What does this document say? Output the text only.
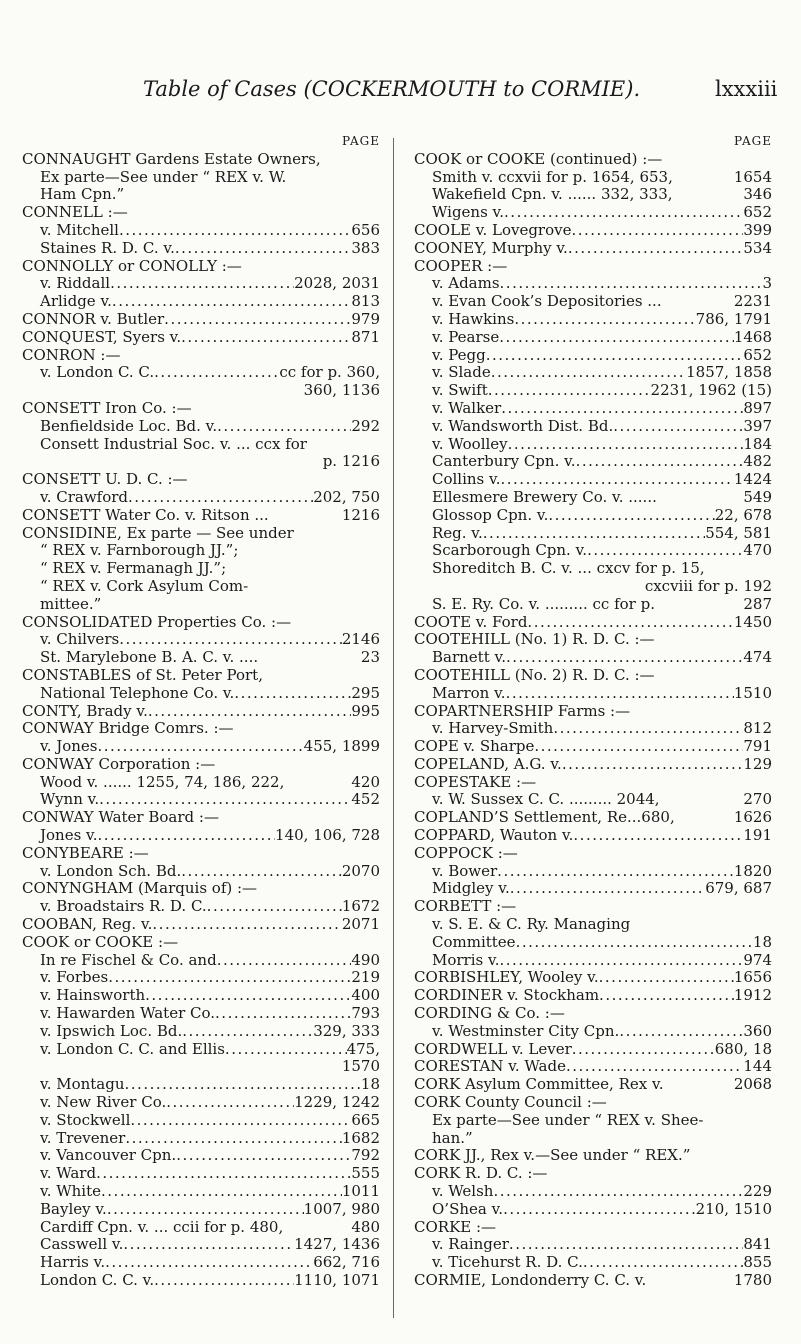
Table of Cases (COCKERMOUTH to CORMIE).	lxxxiii
PAGE
CONNAUGHT Gardens Estate Owners,
Ex parte—See under “ REX v. W.
Ham Cpn.”
CONNELL :—
v. Mitchell .....	656
Staines R. D. C. v. .....	383
CONNOLLY or CONOLLY :—
v. Riddall .....	2028, 2031
Arlidge v. .....	813
CONNOR v. Butler .....	979
CONQUEST, Syers v. .....	871
CONRON :—
v. London C. C. .....	cc for p. 360,
360, 1136
CONSETT Iron Co. :—
Benfieldside Loc. Bd. v. .....	292
Consett Industrial Soc. v. ... ccx for
p. 1216
CONSETT U. D. C. :—
v. Crawford .....	202, 750
CONSETT Water Co. v. Ritson ...	1216
CONSIDINE, Ex parte — See under
“ REX v. Farnborough JJ.”;
“ REX v. Fermanagh JJ.”;
“ REX v. Cork Asylum Com-
mittee.”
CONSOLIDATED Properties Co. :—
v. Chilvers .....	2146
St. Marylebone B. A. C. v. ....	23
CONSTABLES of St. Peter Port,
National Telephone Co. v. .....	295
CONTY, Brady v. .....	995
CONWAY Bridge Comrs. :—
v. Jones .....	455, 1899
CONWAY Corporation :—
Wood v. ...... 1255, 74, 186, 222,	420
Wynn v. .....	452
CONWAY Water Board :—
Jones v. .....	140, 106, 728
CONYBEARE :—
v. London Sch. Bd. .....	2070
CONYNGHAM (Marquis of) :—
v. Broadstairs R. D. C. .....	1672
COOBAN, Reg. v. .....	2071
COOK or COOKE :—
In re Fischel & Co. and .....	490
v. Forbes .....	219
v. Hainsworth .....	400
v. Hawarden Water Co. .....	793
v. Ipswich Loc. Bd. .....	329, 333
v. London C. C. and Ellis .....	475,
1570
v. Montagu .....	18
v. New River Co. .....	1229, 1242
v. Stockwell .....	665
v. Trevener .....	1682
v. Vancouver Cpn. .....	792
v. Ward .....	555
v. White .....	1011
Bayley v. .....	1007, 980
Cardiff Cpn. v. ... ccii for p. 480,	480
Casswell v. .....	1427, 1436
Harris v. .....	662, 716
London C. C. v. .....	1110, 1071
PAGE
COOK or COOKE (continued) :—
Smith v. ccxvii for p. 1654, 653,	1654
Wakefield Cpn. v. ...... 332, 333,	346
Wigens v. .....	652
COOLE v. Lovegrove .....	399
COONEY, Murphy v. .....	534
COOPER :—
v. Adams .....	3
v. Evan Cook’s Depositories ...	2231
v. Hawkins .....	786, 1791
v. Pearse .....	1468
v. Pegg .....	652
v. Slade .....	1857, 1858
v. Swift .....	2231, 1962 (15)
v. Walker .....	897
v. Wandsworth Dist. Bd. .....	397
v. Woolley .....	184
Canterbury Cpn. v. .....	482
Collins v. .....	1424
Ellesmere Brewery Co. v. ......	549
Glossop Cpn. v. .....	22, 678
Reg. v. .....	554, 581
Scarborough Cpn. v. .....	470
Shoreditch B. C. v. ... cxcv for p. 15,
cxcviii for p. 192
S. E. Ry. Co. v. ......... cc for p.	287
COOTE v. Ford .....	1450
COOTEHILL (No. 1) R. D. C. :—
Barnett v. .....	474
COOTEHILL (No. 2) R. D. C. :—
Marron v. .....	1510
COPARTNERSHIP Farms :—
v. Harvey-Smith .....	812
COPE v. Sharpe .....	791
COPELAND, A.G. v. .....	129
COPESTAKE :—
v. W. Sussex C. C. ......... 2044,	270
COPLAND’S Settlement, Re...680,	1626
COPPARD, Wauton v. .....	191
COPPOCK :—
v. Bower .....	1820
Midgley v. .....	679, 687
CORBETT :—
v. S. E. & C. Ry. Managing
Committee .....	18
Morris v. .....	974
CORBISHLEY, Wooley v. .....	1656
CORDINER v. Stockham .....	1912
CORDING & Co. :—
v. Westminster City Cpn. .....	360
CORDWELL v. Lever .....	680, 18
CORESTAN v. Wade .....	144
CORK Asylum Committee, Rex v.	2068
CORK County Council :—
Ex parte—See under “ REX v. Shee-
han.”
CORK JJ., Rex v.—See under “ REX.”
CORK R. D. C. :—
v. Welsh .....	229
O’Shea v. .....	210, 1510
CORKE :—
v. Rainger .....	841
v. Ticehurst R. D. C. .....	855
CORMIE, Londonderry C. C. v.	1780
